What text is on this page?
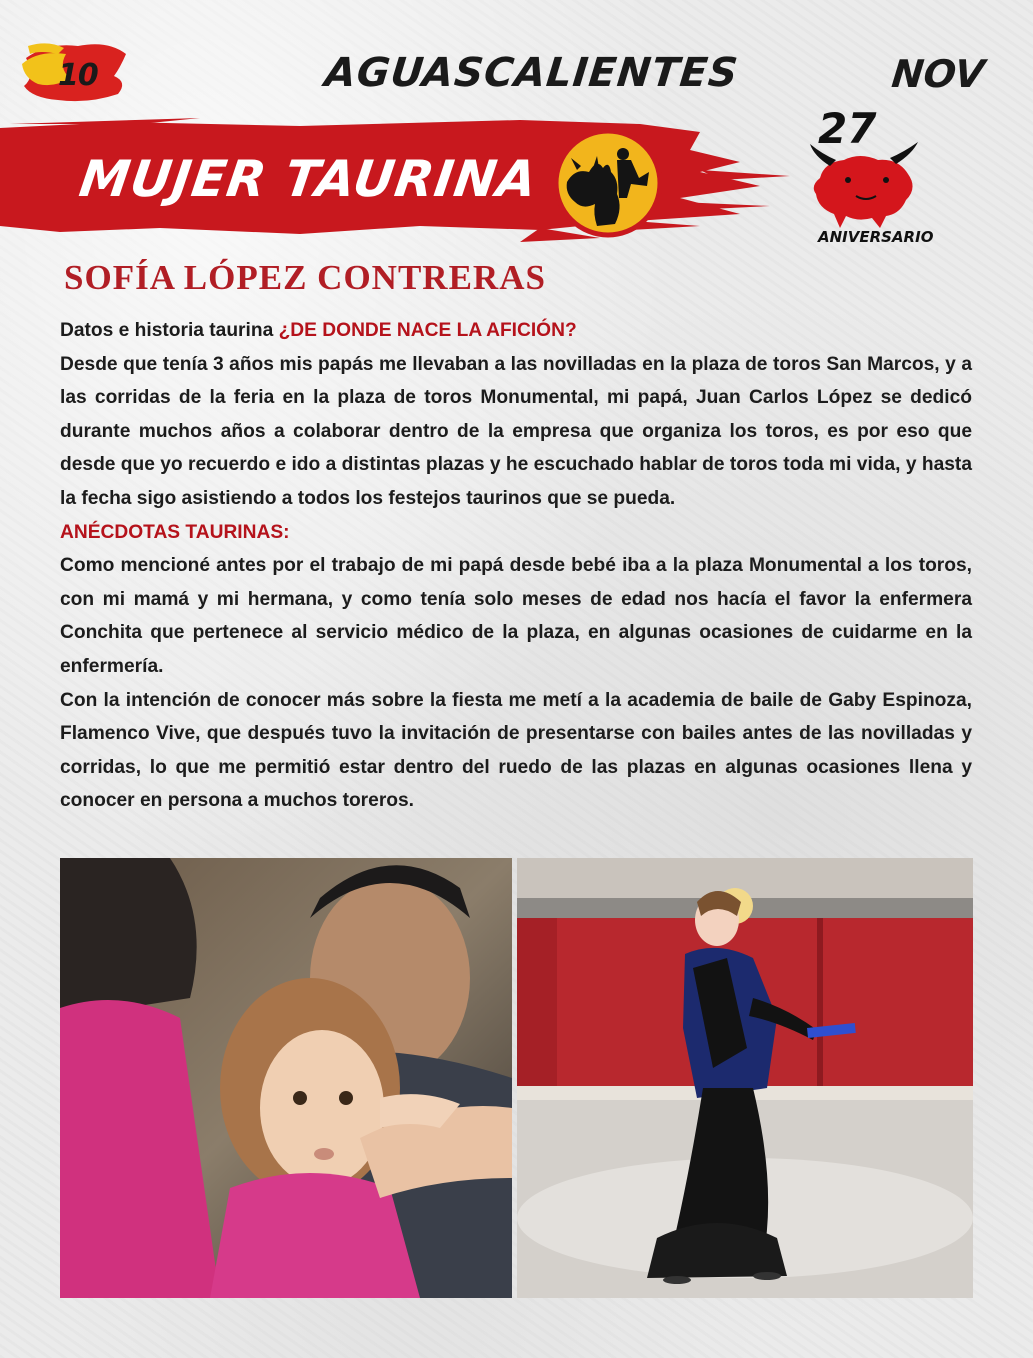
10	AGUASCALIENTES	NOV
MUJER TAURINA
27
ANIVERSARIO
SOFÍA LÓPEZ CONTRERAS

Datos e historia taurina ¿DE DONDE NACE LA AFICIÓN?

Desde que tenía 3 años mis papás me llevaban a las novilladas en la plaza de toros San Marcos, y a las corridas de la feria en la plaza de toros Monumental, mi papá, Juan Carlos López se dedicó durante muchos años a colaborar dentro de la empresa que organiza los toros, es por eso que desde que yo recuerdo e ido a distintas plazas y he escuchado hablar de toros toda mi vida, y hasta la fecha sigo asistiendo a todos los festejos taurinos que se pueda.

ANÉCDOTAS TAURINAS:

Como mencioné antes por el trabajo de mi papá desde bebé iba a la plaza Monumental a los toros, con mi mamá y mi hermana, y como tenía solo meses de edad nos hacía el favor la enfermera Conchita que pertenece al servicio médico de la plaza, en algunas ocasiones de cuidarme en la enfermería.

Con la intención de conocer más sobre la fiesta me metí a la academia de baile de Gaby Espinoza, Flamenco Vive, que después tuvo la invitación de presentarse con bailes antes de las novilladas y corridas, lo que me permitió estar dentro del ruedo de las plazas en algunas ocasiones llena y conocer en persona a muchos toreros.
